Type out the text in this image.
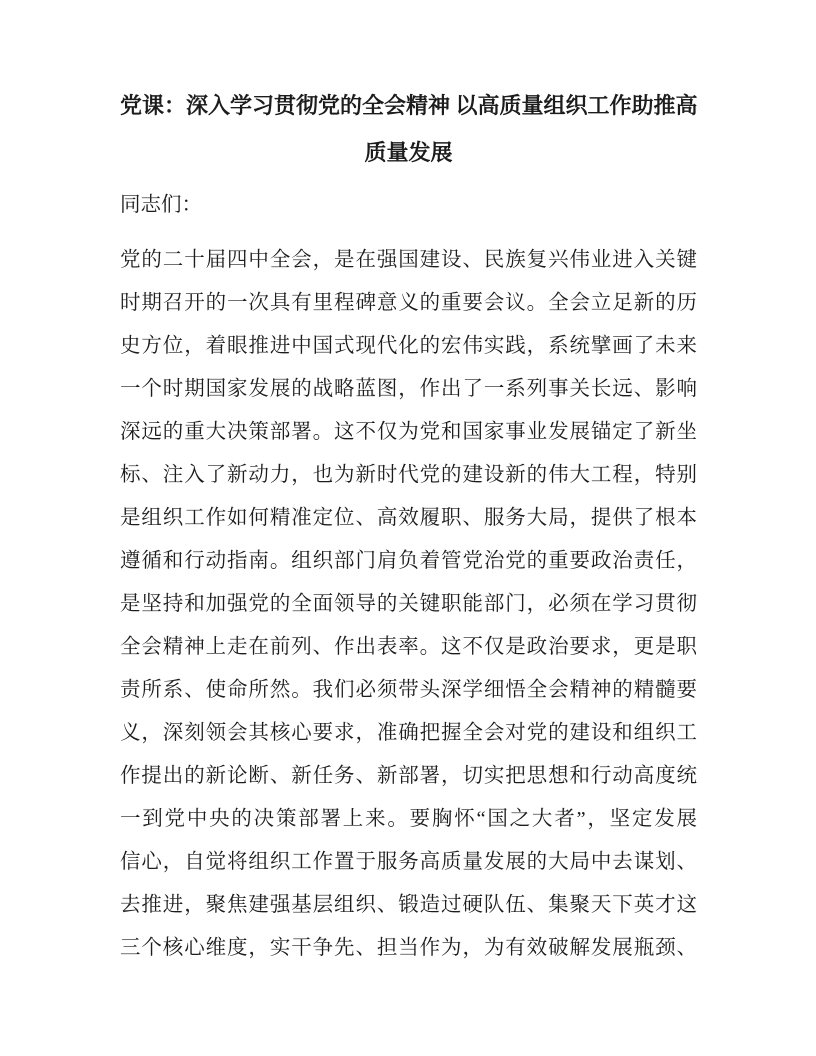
党课：深入学习贯彻党的全会精神 以高质量组织工作助推高
质量发展
同志们：
党的二十届四中全会，是在强国建设、民族复兴伟业进入关键
时期召开的一次具有里程碑意义的重要会议。全会立足新的历
史方位，着眼推进中国式现代化的宏伟实践，系统擘画了未来
一个时期国家发展的战略蓝图，作出了一系列事关长远、影响
深远的重大决策部署。这不仅为党和国家事业发展锚定了新坐
标、注入了新动力，也为新时代党的建设新的伟大工程，特别
是组织工作如何精准定位、高效履职、服务大局，提供了根本
遵循和行动指南。组织部门肩负着管党治党的重要政治责任，
是坚持和加强党的全面领导的关键职能部门，必须在学习贯彻
全会精神上走在前列、作出表率。这不仅是政治要求，更是职
责所系、使命所然。我们必须带头深学细悟全会精神的精髓要
义，深刻领会其核心要求，准确把握全会对党的建设和组织工
作提出的新论断、新任务、新部署，切实把思想和行动高度统
一到党中央的决策部署上来。要胸怀“国之大者”，坚定发展
信心，自觉将组织工作置于服务高质量发展的大局中去谋划、
去推进，聚焦建强基层组织、锻造过硬队伍、集聚天下英才这
三个核心维度，实干争先、担当作为，为有效破解发展瓶颈、
